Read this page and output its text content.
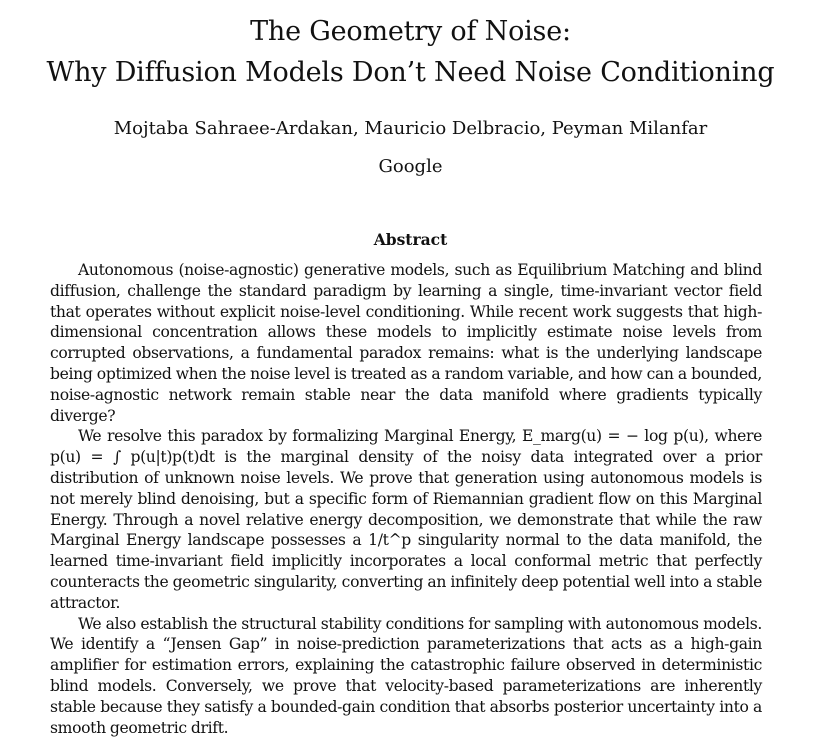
The Geometry of Noise:
Why Diffusion Models Don’t Need Noise Conditioning
Mojtaba Sahraee-Ardakan, Mauricio Delbracio, Peyman Milanfar
Google
Abstract

Autonomous (noise-agnostic) generative models, such as Equilibrium Matching and blind diffusion, challenge the standard paradigm by learning a single, time-invariant vector field that operates without explicit noise-level conditioning. While recent work suggests that high-dimensional concentration allows these models to implicitly estimate noise levels from corrupted observations, a fundamental paradox remains: what is the underlying landscape being optimized when the noise level is treated as a random variable, and how can a bounded, noise-agnostic network remain stable near the data manifold where gradients typically diverge?

We resolve this paradox by formalizing Marginal Energy, E_marg(u) = − log p(u), where p(u) = ∫ p(u|t)p(t)dt is the marginal density of the noisy data integrated over a prior distribution of unknown noise levels. We prove that generation using autonomous models is not merely blind denoising, but a specific form of Riemannian gradient flow on this Marginal Energy. Through a novel relative energy decomposition, we demonstrate that while the raw Marginal Energy landscape possesses a 1/t^p singularity normal to the data manifold, the learned time-invariant field implicitly incorporates a local conformal metric that perfectly counteracts the geometric singularity, converting an infinitely deep potential well into a stable attractor.

We also establish the structural stability conditions for sampling with autonomous models. We identify a “Jensen Gap” in noise-prediction parameterizations that acts as a high-gain amplifier for estimation errors, explaining the catastrophic failure observed in deterministic blind models. Conversely, we prove that velocity-based parameterizations are inherently stable because they satisfy a bounded-gain condition that absorbs posterior uncertainty into a smooth geometric drift.
